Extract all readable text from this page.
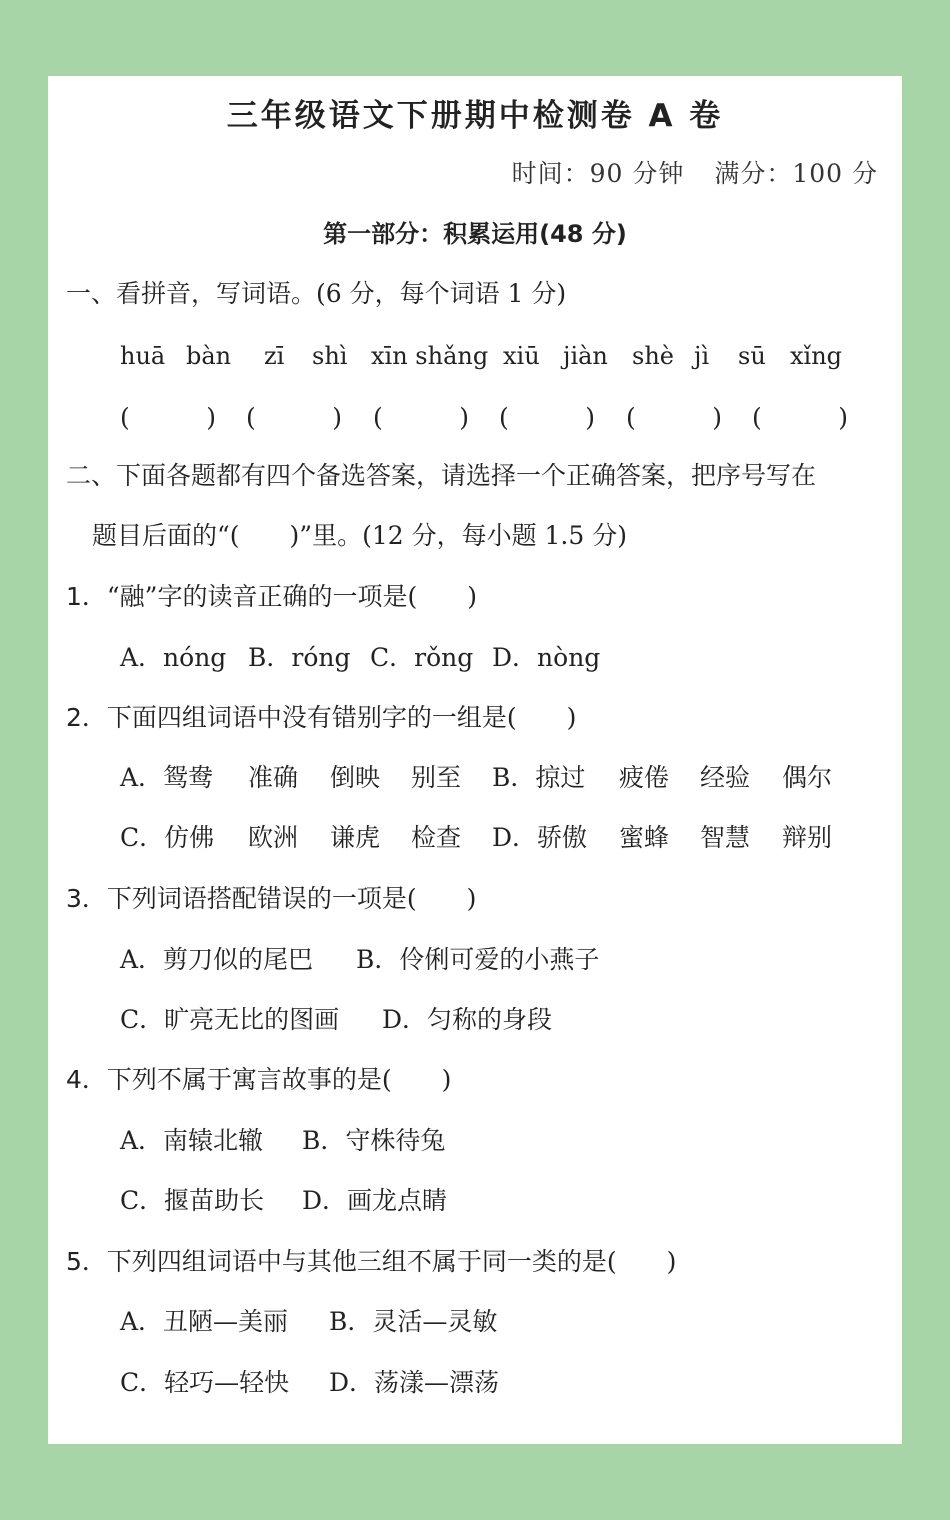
三年级语文下册期中检测卷 A 卷
时间：90 分钟 满分：100 分
第一部分：积累运用(48 分)
一、看拼音，写词语。(6 分，每个词语 1 分)
huā bàn zī shì xīn shǎng xiū jiàn shè jì sū xǐng
(	) (	) (	) (	) (	) (	)
二、下面各题都有四个备选答案，请选择一个正确答案，把序号写在
题目后面的“(　　)”里。(12 分，每小题 1.5 分)
1．“融”字的读音正确的一项是(　　)
A．nóng B．róng C．rǒng D．nòng
2．下面四组词语中没有错别字的一组是(　　)
A．鸳鸯 准确 倒映 别至 B．掠过 疲倦 经验 偶尔
C．仿佛 欧洲 谦虎 检查 D．骄傲 蜜蜂 智慧 辩别
3．下列词语搭配错误的一项是(　　)
A．剪刀似的尾巴 B．伶俐可爱的小燕子
C．旷亮无比的图画 D．匀称的身段
4．下列不属于寓言故事的是(　　)
A．南辕北辙 B．守株待兔
C．揠苗助长 D．画龙点睛
5．下列四组词语中与其他三组不属于同一类的是(　　)
A．丑陋—美丽 B．灵活—灵敏
C．轻巧—轻快 D．荡漾—漂荡
